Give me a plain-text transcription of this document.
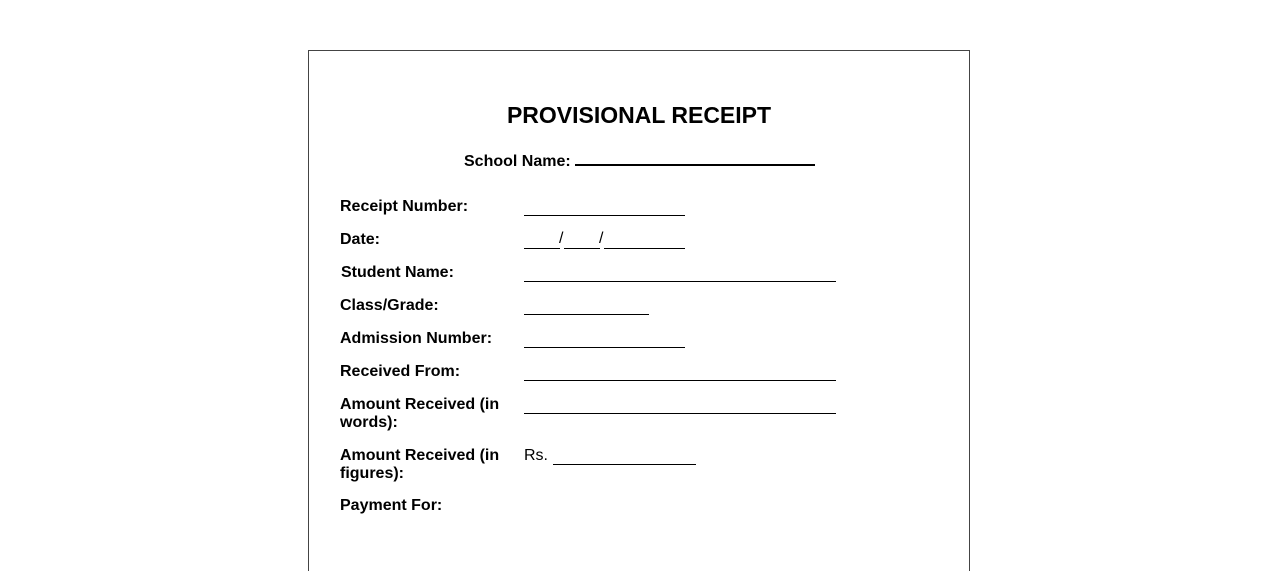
PROVISIONAL RECEIPT
School Name:
Receipt Number:
Date:	/ /
Student Name:
Class/Grade:
Admission Number:
Received From:
Amount Received (in words):
Amount Received (in figures):
Rs.
Payment For:
